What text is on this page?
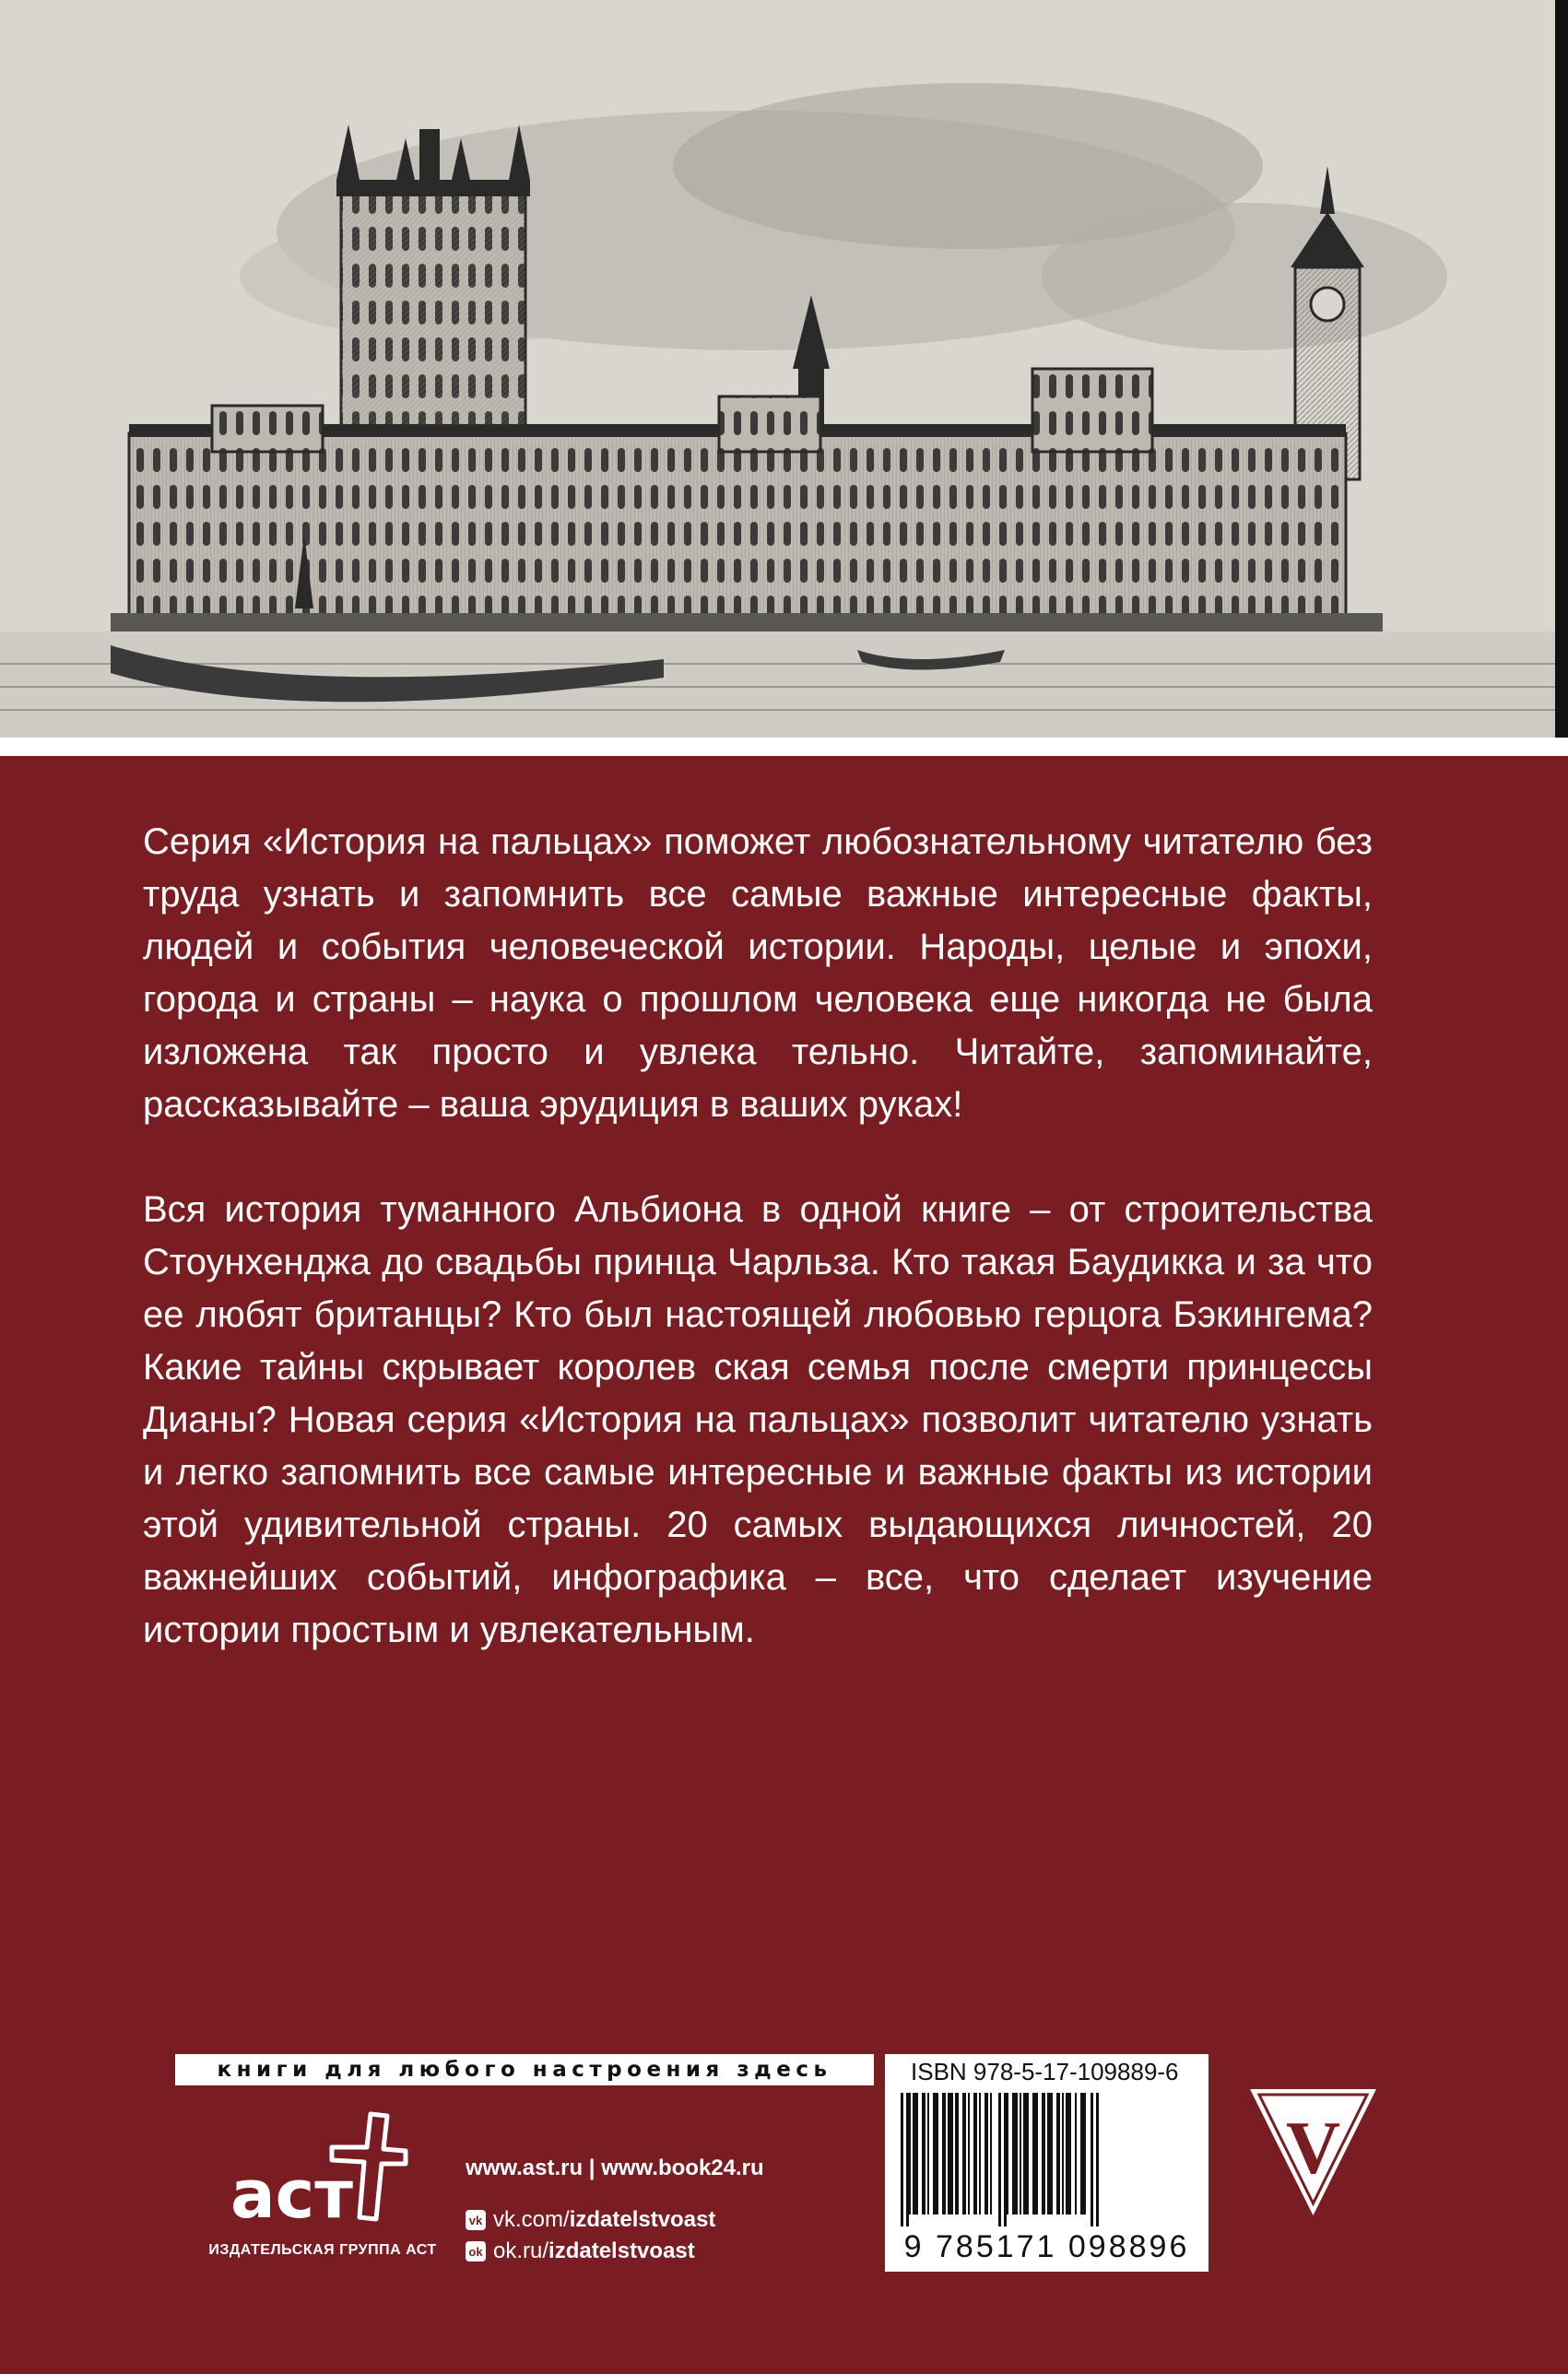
Серия «История на пальцах» поможет любознательному читателю без труда узнать и запомнить все самые важные интересные факты, людей и события человеческой истории. Народы, целые и эпохи, города и страны – наука о прошлом человека еще никогда не была изложена так просто и увлека тельно. Читайте, запоминайте, рассказывайте – ваша эрудиция в ваших руках!

Вся история туманного Альбиона в одной книге – от строительства Стоунхенджа до свадьбы принца Чарльза. Кто такая Баудикка и за что ее любят британцы? Кто был настоящей любовью герцога Бэкингема? Какие тайны скрывает королев ская семья после смерти принцессы Дианы? Новая серия «История на пальцах» позволит читателю узнать и легко запомнить все самые интересные и важные факты из истории этой удивительной страны. 20 самых выдающихся личностей, 20 важнейших событий, инфографика – все, что сделает изучение истории простым и увлекательным.

книги для любого настроения здесь
аст
ИЗДАТЕЛЬСКАЯ ГРУППА АСТ
www.ast.ru | www.book24.ru
vk vk.com/ izdatelstvoast
ok ok.ru/ izdatelstvoast
ISBN 978-5-17-109889-6
9 785171 098896
V
